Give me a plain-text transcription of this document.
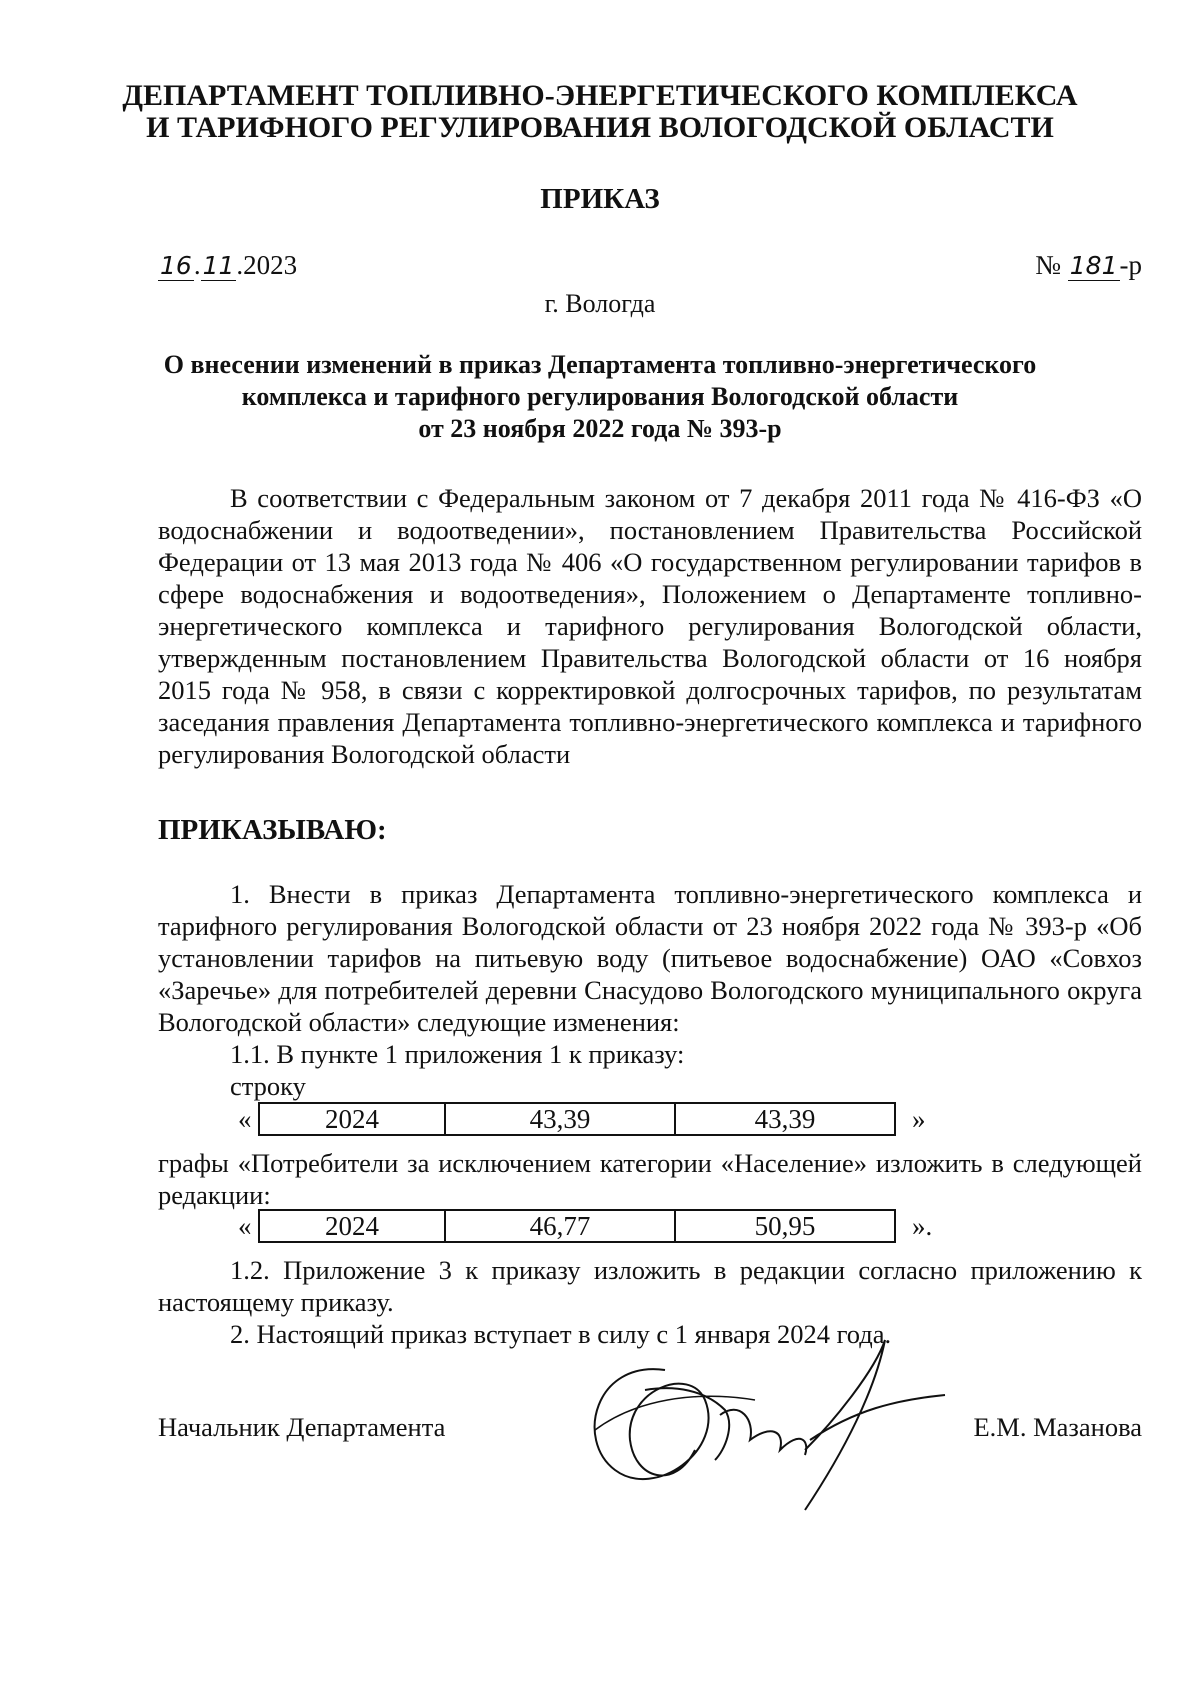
ДЕПАРТАМЕНТ ТОПЛИВНО-ЭНЕРГЕТИЧЕСКОГО КОМПЛЕКСА
И ТАРИФНОГО РЕГУЛИРОВАНИЯ ВОЛОГОДСКОЙ ОБЛАСТИ
ПРИКАЗ
16.11.2023	№ 181-р
г. Вологда
О внесении изменений в приказ Департамента топливно-энергетического
комплекса и тарифного регулирования Вологодской области
от 23 ноября 2022 года № 393-р
В соответствии с Федеральным законом от 7 декабря 2011 года № 416-ФЗ «О водоснабжении и водоотведении», постановлением Правительства Российской Федерации от 13 мая 2013 года № 406 «О государственном регулировании тарифов в сфере водоснабжения и водоотведения», Положением о Департаменте топливно-энергетического комплекса и тарифного регулирования Вологодской области, утвержденным постановлением Правительства Вологодской области от 16 ноября 2015 года № 958, в связи с корректировкой долгосрочных тарифов, по результатам заседания правления Департамента топливно-энергетического комплекса и тарифного регулирования Вологодской области
ПРИКАЗЫВАЮ:
1. Внести в приказ Департамента топливно-энергетического комплекса и тарифного регулирования Вологодской области от 23 ноября 2022 года № 393-р «Об установлении тарифов на питьевую воду (питьевое водоснабжение) ОАО «Совхоз «Заречье» для потребителей деревни Снасудово Вологодского муниципального округа Вологодской области» следующие изменения:
1.1. В пункте 1 приложения 1 к приказу:
строку
«	2024	43,39	43,39	»
графы «Потребители за исключением категории «Население» изложить в следующей редакции:
«	2024	46,77	50,95	».
1.2. Приложение 3 к приказу изложить в редакции согласно приложению к настоящему приказу.
2. Настоящий приказ вступает в силу с 1 января 2024 года.
Начальник Департамента	Е.М. Мазанова
